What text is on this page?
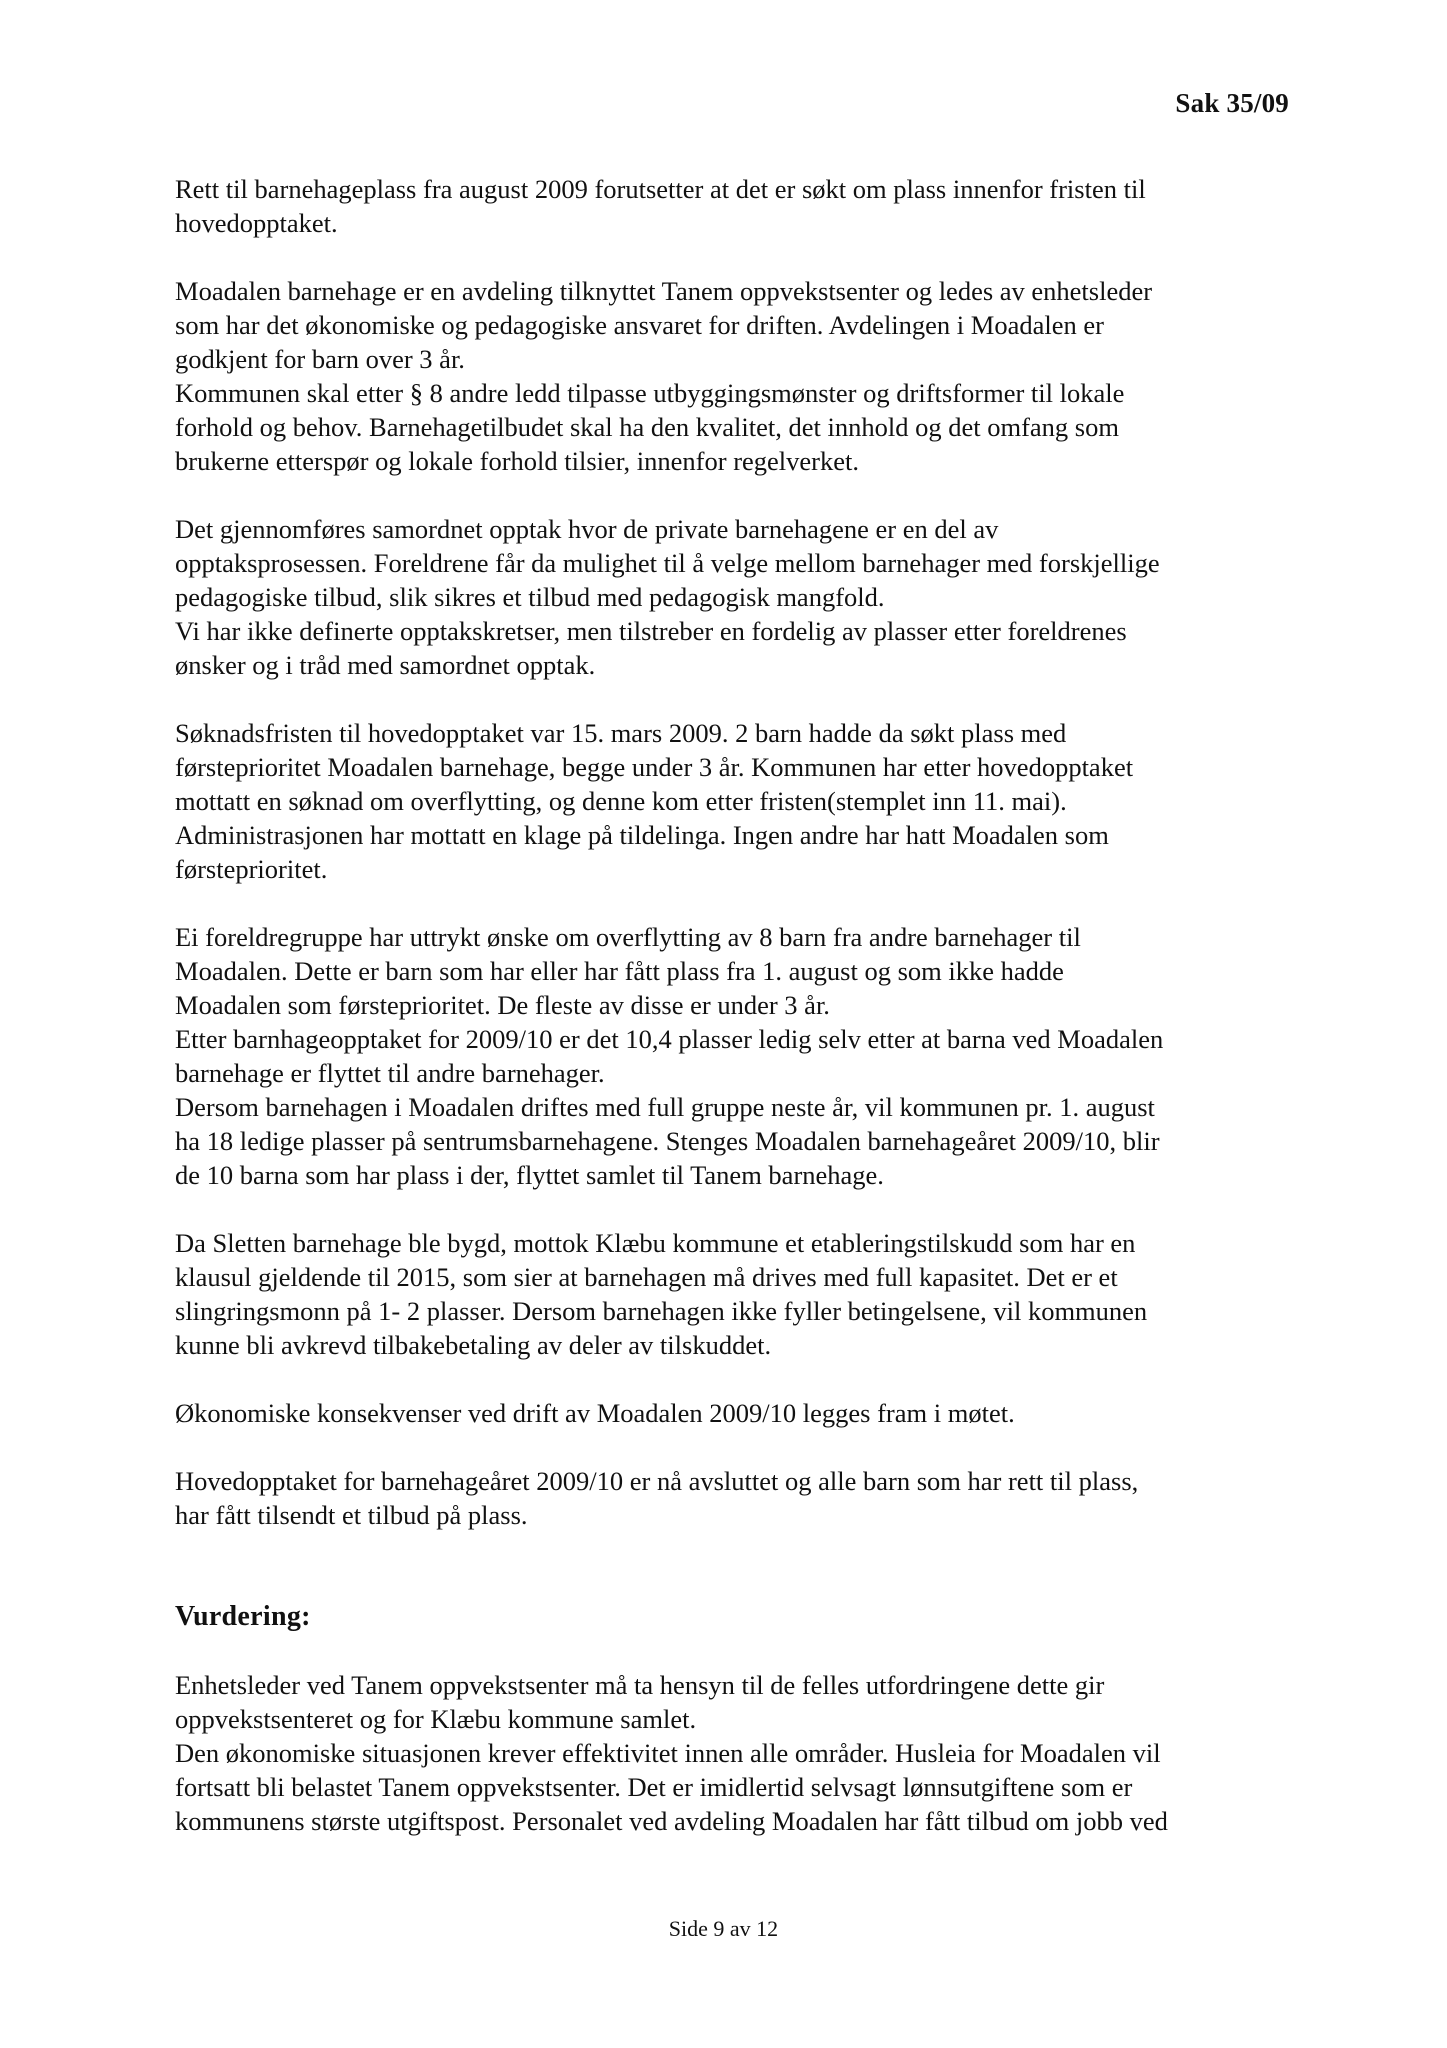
Sak 35/09
Rett til barnehageplass fra august 2009 forutsetter at det er søkt om plass innenfor fristen til
hovedopptaket.
Moadalen barnehage er en avdeling tilknyttet Tanem oppvekstsenter og ledes av enhetsleder
som har det økonomiske og pedagogiske ansvaret for driften. Avdelingen i Moadalen er
godkjent for barn over 3 år.
Kommunen skal etter § 8 andre ledd tilpasse utbyggingsmønster og driftsformer til lokale
forhold og behov. Barnehagetilbudet skal ha den kvalitet, det innhold og det omfang som
brukerne etterspør og lokale forhold tilsier, innenfor regelverket.
Det gjennomføres samordnet opptak hvor de private barnehagene er en del av
opptaksprosessen. Foreldrene får da mulighet til å velge mellom barnehager med forskjellige
pedagogiske tilbud, slik sikres et tilbud med pedagogisk mangfold.
Vi har ikke definerte opptakskretser, men tilstreber en fordelig av plasser etter foreldrenes
ønsker og i tråd med samordnet opptak.
Søknadsfristen til hovedopptaket var 15. mars 2009. 2 barn hadde da søkt plass med
førsteprioritet Moadalen barnehage, begge under 3 år. Kommunen har etter hovedopptaket
mottatt en søknad om overflytting, og denne kom etter fristen(stemplet inn 11. mai).
Administrasjonen har mottatt en klage på tildelinga. Ingen andre har hatt Moadalen som
førsteprioritet.
Ei foreldregruppe har uttrykt ønske om overflytting av 8 barn fra andre barnehager til
Moadalen. Dette er barn som har eller har fått plass fra 1. august og som ikke hadde
Moadalen som førsteprioritet. De fleste av disse er under 3 år.
Etter barnhageopptaket for 2009/10 er det 10,4 plasser ledig selv etter at barna ved Moadalen
barnehage er flyttet til andre barnehager.
Dersom barnehagen i Moadalen driftes med full gruppe neste år, vil kommunen pr. 1. august
ha 18 ledige plasser på sentrumsbarnehagene. Stenges Moadalen barnehageåret 2009/10, blir
de 10 barna som har plass i der, flyttet samlet til Tanem barnehage.
Da Sletten barnehage ble bygd, mottok Klæbu kommune et etableringstilskudd som har en
klausul gjeldende til 2015, som sier at barnehagen må drives med full kapasitet. Det er et
slingringsmonn på 1- 2 plasser. Dersom barnehagen ikke fyller betingelsene, vil kommunen
kunne bli avkrevd tilbakebetaling av deler av tilskuddet.
Økonomiske konsekvenser ved drift av Moadalen 2009/10 legges fram i møtet.
Hovedopptaket for barnehageåret 2009/10 er nå avsluttet og alle barn som har rett til plass,
har fått tilsendt et tilbud på plass.
Vurdering:
Enhetsleder ved Tanem oppvekstsenter må ta hensyn til de felles utfordringene dette gir
oppvekstsenteret og for Klæbu kommune samlet.
Den økonomiske situasjonen krever effektivitet innen alle områder. Husleia for Moadalen vil
fortsatt bli belastet Tanem oppvekstsenter. Det er imidlertid selvsagt lønnsutgiftene som er
kommunens største utgiftspost. Personalet ved avdeling Moadalen har fått tilbud om jobb ved
Side 9 av 12
